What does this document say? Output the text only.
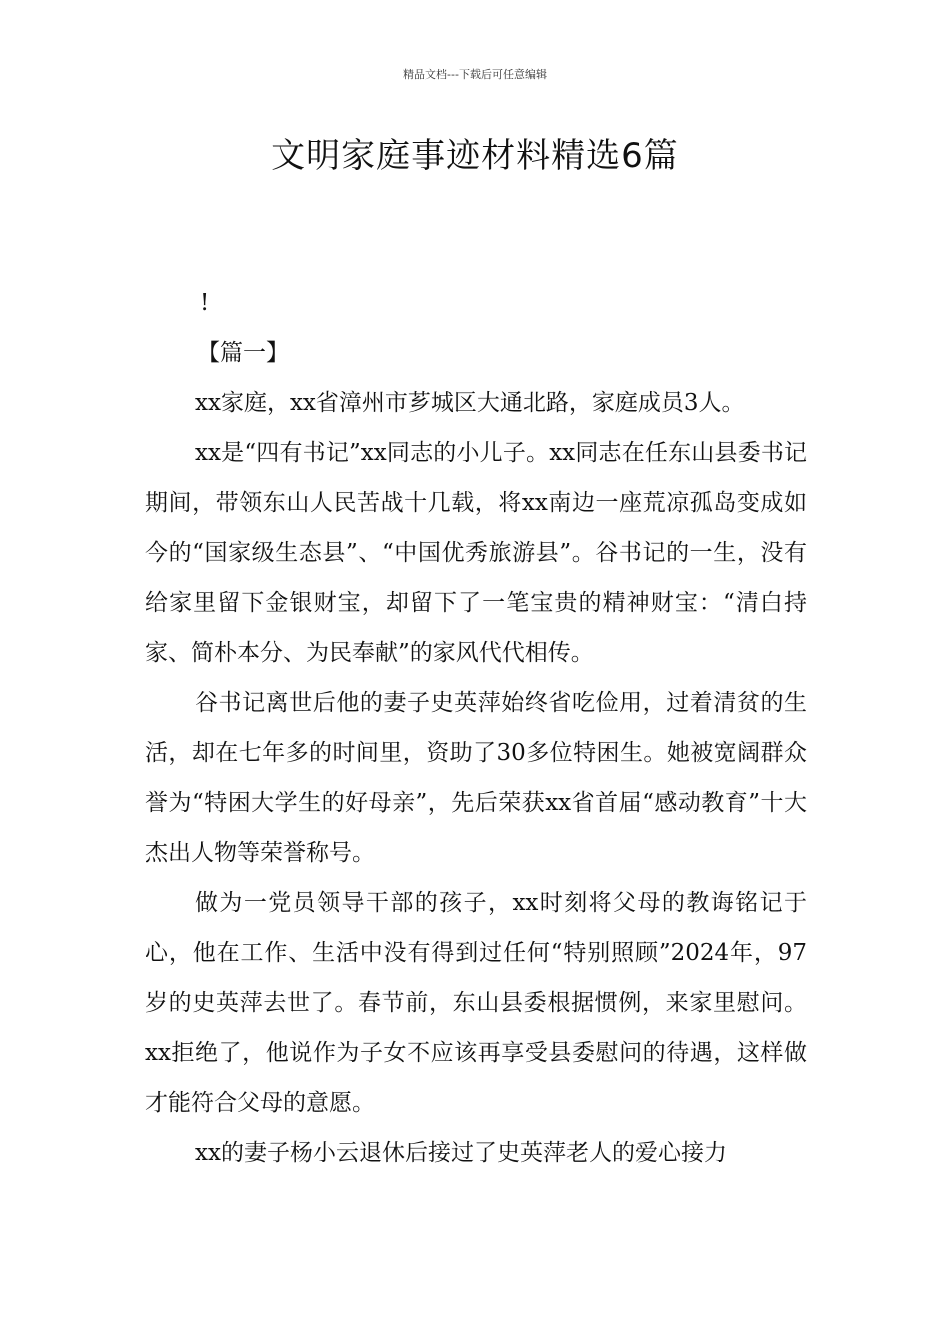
精品文档---下载后可任意编辑
文明家庭事迹材料精选6篇

!

【篇一】

xx家庭，xx省漳州市芗城区大通北路，家庭成员3人。

xx是“四有书记”xx同志的小儿子。xx同志在任东山县委书记期间，带领东山人民苦战十几载，将xx南边一座荒凉孤岛变成如今的“国家级生态县”、“中国优秀旅游县”。谷书记的一生，没有给家里留下金银财宝，却留下了一笔宝贵的精神财宝：“清白持家、简朴本分、为民奉献”的家风代代相传。

谷书记离世后他的妻子史英萍始终省吃俭用，过着清贫的生活，却在七年多的时间里，资助了30多位特困生。她被宽阔群众誉为“特困大学生的好母亲”，先后荣获xx省首届“感动教育”十大杰出人物等荣誉称号。

做为一党员领导干部的孩子，xx时刻将父母的教诲铭记于心，他在工作、生活中没有得到过任何“特别照顾”2024年，97岁的史英萍去世了。春节前，东山县委根据惯例，来家里慰问。xx拒绝了，他说作为子女不应该再享受县委慰问的待遇，这样做才能符合父母的意愿。

xx的妻子杨小云退休后接过了史英萍老人的爱心接力
